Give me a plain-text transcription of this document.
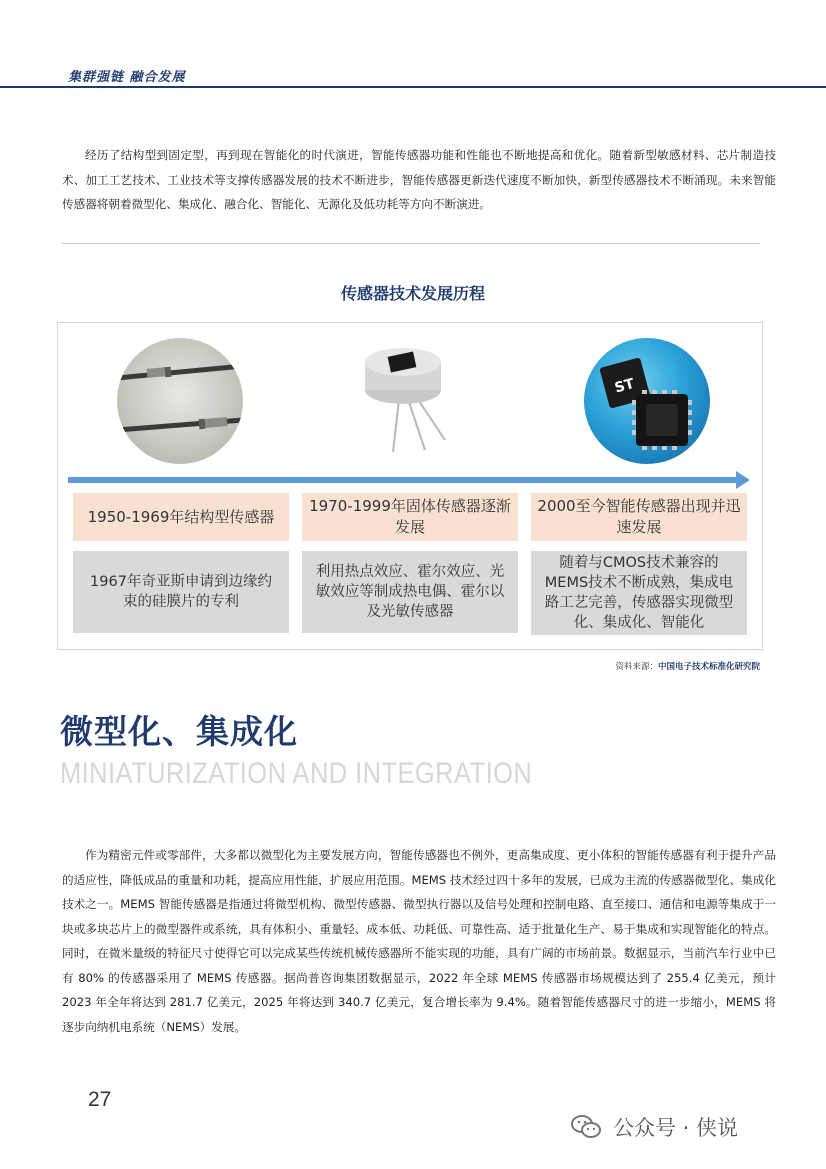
集群强链 融合发展

经历了结构型到固定型，再到现在智能化的时代演进，智能传感器功能和性能也不断地提高和优化。随着新型敏感材料、芯片制造技术、加工工艺技术、工业技术等支撑传感器发展的技术不断进步，智能传感器更新迭代速度不断加快，新型传感器技术不断涌现。未来智能传感器将朝着微型化、集成化、融合化、智能化、无源化及低功耗等方向不断演进。

传感器技术发展历程
ST
1950-1969年结构型传感器
1970-1999年固体传感器逐渐发展
2000至今智能传感器出现并迅速发展
1967年奇亚斯申请到边缘约束的硅膜片的专利
利用热点效应、霍尔效应、光敏效应等制成热电偶、霍尔以及光敏传感器
随着与CMOS技术兼容的MEMS技术不断成熟，集成电路工艺完善，传感器实现微型化、集成化、智能化
资料来源：中国电子技术标准化研究院
微型化、集成化
MINIATURIZATION AND INTEGRATION

作为精密元件或零部件，大多都以微型化为主要发展方向，智能传感器也不例外，更高集成度、更小体积的智能传感器有利于提升产品的适应性，降低成品的重量和功耗，提高应用性能，扩展应用范围。MEMS 技术经过四十多年的发展，已成为主流的传感器微型化、集成化技术之一。MEMS 智能传感器是指通过将微型机构、微型传感器、微型执行器以及信号处理和控制电路、直至接口、通信和电源等集成于一块或多块芯片上的微型器件或系统，具有体积小、重量轻、成本低、功耗低、可靠性高、适于批量化生产、易于集成和实现智能化的特点。同时，在微米量级的特征尺寸使得它可以完成某些传统机械传感器所不能实现的功能，具有广阔的市场前景。数据显示，当前汽车行业中已有 80% 的传感器采用了 MEMS 传感器。据尚普咨询集团数据显示，2022 年全球 MEMS 传感器市场规模达到了 255.4 亿美元，预计 2023 年全年将达到 281.7 亿美元，2025 年将达到 340.7 亿美元，复合增长率为 9.4%。随着智能传感器尺寸的进一步缩小，MEMS 将逐步向纳机电系统（NEMS）发展。

27
公众号 · 侠说
